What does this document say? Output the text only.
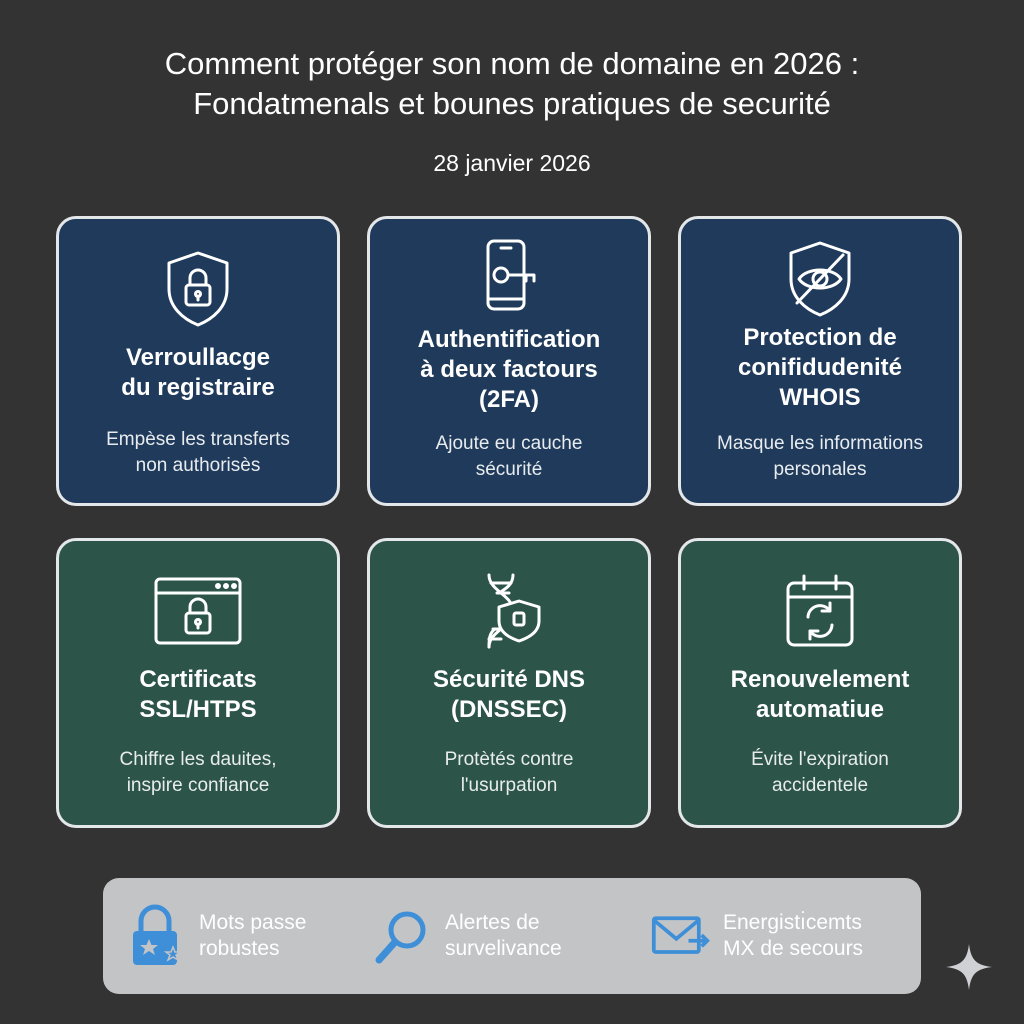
Comment protéger son nom de domaine en 2026 :
Fondatmenals et bounes pratiques de securité
28 janvier 2026
Verroullacge
du registraire
Empèse les transferts
non authorisès
Authentification
à deux factours
(2FA)
Ajoute eu cauche
sécurité
Protection de
conifidudenité
WHOIS
Masque les informations
personales
Certificats
SSL/HTPS
Chiffre les dauites,
inspire confiance
Sécurité DNS
(DNSSEC)
Protètés contre
l'usurpation
Renouvelement
automatiue
Évite l'expiration
accidentele
Mots passe
robustes
Alertes de
survelivance
Energistı̇cemts
MX de secours
